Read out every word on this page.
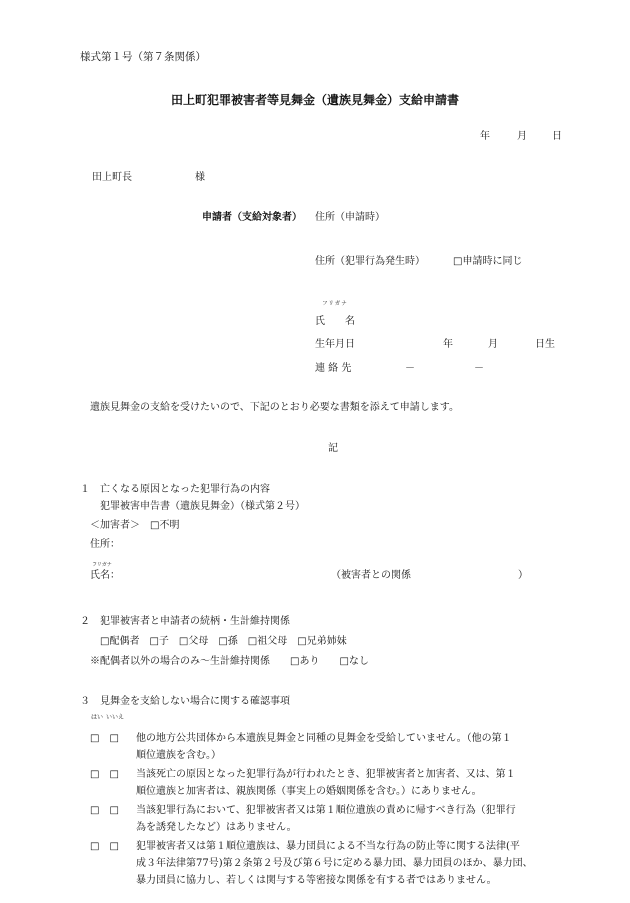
様式第１号（第７条関係）
田上町犯罪被害者等見舞金（遺族見舞金）支給申請書
年	月	日
田上町長	様
申請者（支給対象者） 住所（申請時）
住所（犯罪行為発生時）	□申請時に同じ
フリガナ
氏　　名
生年月日	年	月	日生
連 絡 先	－	－
遺族見舞金の支給を受けたいので、下記のとおり必要な書類を添えて申請します。
記
１　亡くなる原因となった犯罪行為の内容
犯罪被害申告書（遺族見舞金）（様式第２号）
＜加害者＞　□不明
住所：
フリガナ
氏名：	（被害者との関係	）
２　犯罪被害者と申請者の続柄・生計維持関係
□配偶者　□子　□父母　□孫　□祖父母　□兄弟姉妹
※配偶者以外の場合のみ～生計維持関係　　□あり　　□なし
３　見舞金を支給しない場合に関する確認事項
はい いいえ
□　□ 他の地方公共団体から本遺族見舞金と同種の見舞金を受給していません。（他の第１
順位遺族を含む。）
□　□ 当該死亡の原因となった犯罪行為が行われたとき、犯罪被害者と加害者、又は、第１
順位遺族と加害者は、親族関係（事実上の婚姻関係を含む。）にありません。
□　□ 当該犯罪行為において、犯罪被害者又は第１順位遺族の責めに帰すべき行為（犯罪行
為を誘発したなど）はありません。
□　□ 犯罪被害者又は第１順位遺族は、暴力団員による不当な行為の防止等に関する法律(平
成３年法律第77号)第２条第２号及び第６号に定める暴力団、暴力団員のほか、暴力団、
暴力団員に協力し、若しくは関与する等密接な関係を有する者ではありません。
